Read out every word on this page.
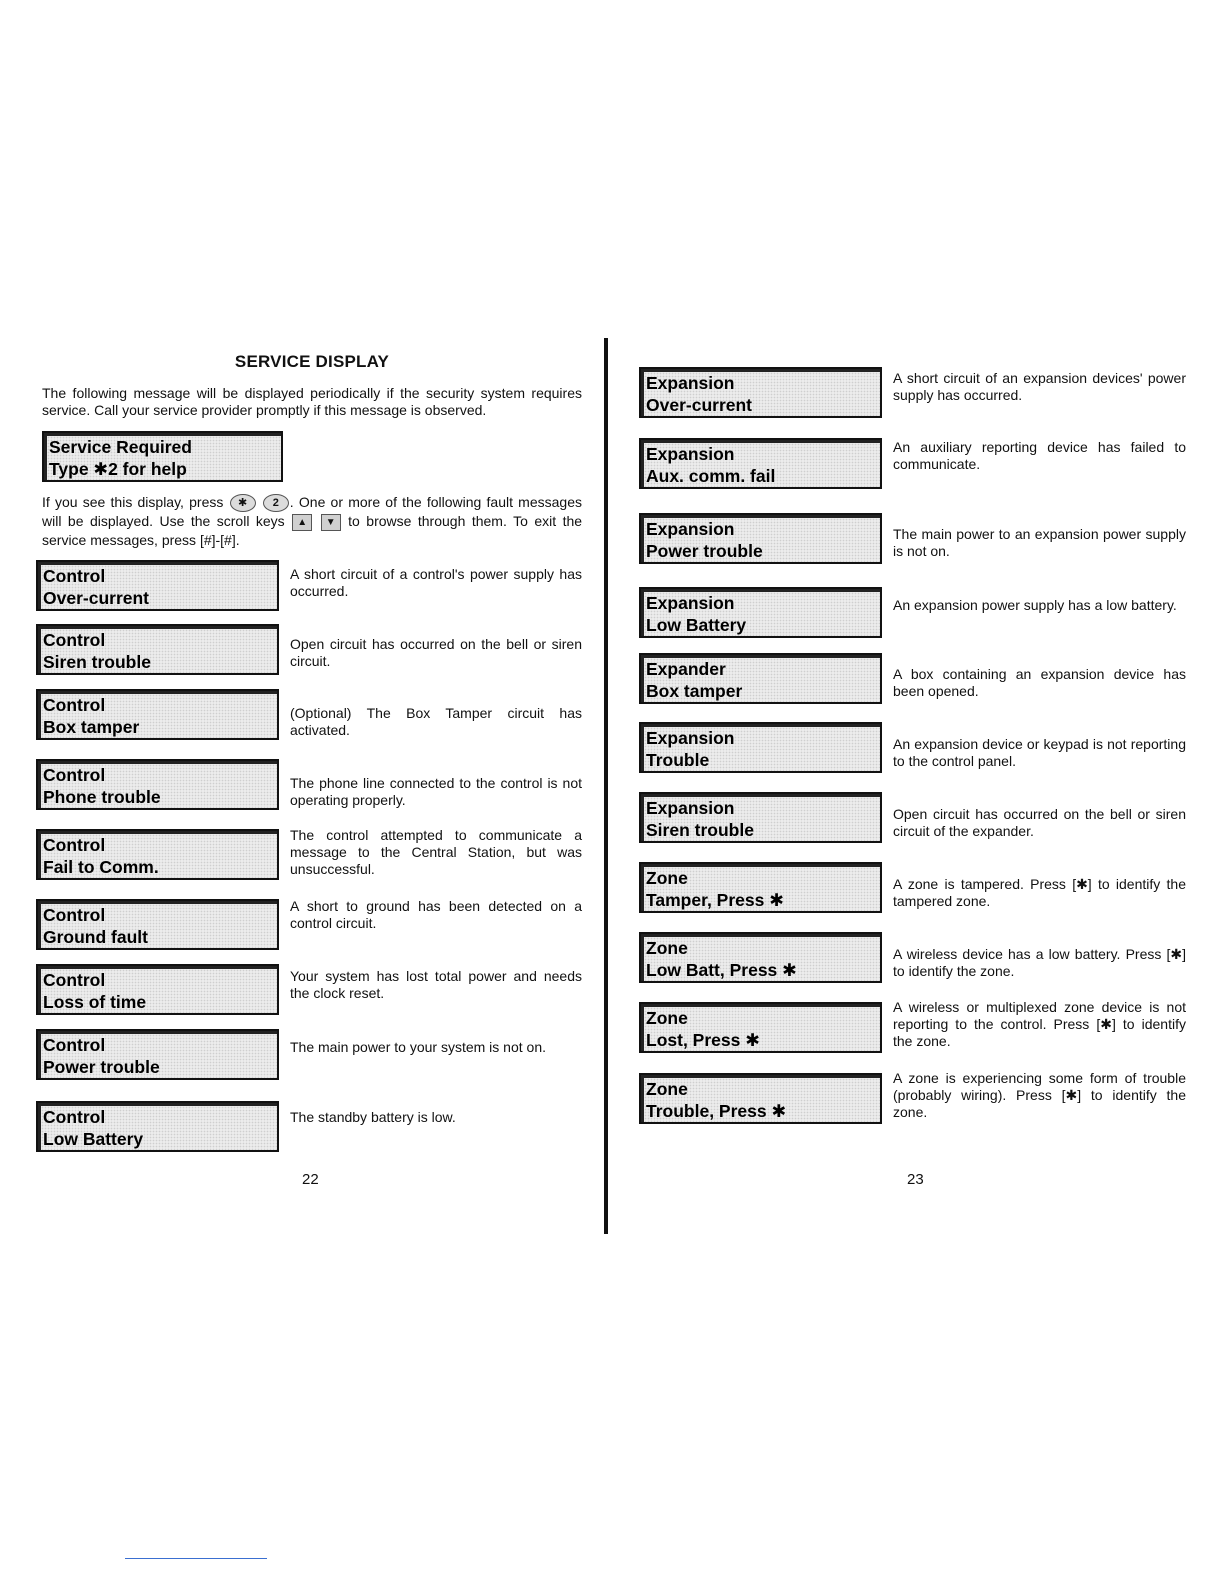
SERVICE DISPLAY
The following message will be displayed periodically if the security system requires service. Call your service provider promptly if this message is observed.
Service Required
Type ✱2 for help
If you see this display, press ✱ 2 . One or more of the following fault messages will be displayed. Use the scroll keys ▲ ▼ to browse through them. To exit the service messages, press [#]-[#].
Control
Over-current
A short circuit of a control's power supply has occurred.
Control
Siren trouble
Open circuit has occurred on the bell or siren circuit.
Control
Box tamper
(Optional) The Box Tamper circuit has activated.
Control
Phone trouble
The phone line connected to the control is not operating properly.
Control
Fail to Comm.
The control attempted to communicate a message to the Central Station, but was unsuccessful.
Control
Ground fault
A short to ground has been detected on a control circuit.
Control
Loss of time
Your system has lost total power and needs the clock reset.
Control
Power trouble
The main power to your system is not on.
Control
Low Battery
The standby battery is low.
22
Expansion
Over-current
A short circuit of an expansion devices' power supply has occurred.
Expansion
Aux. comm. fail
An auxiliary reporting device has failed to communicate.
Expansion
Power trouble
The main power to an expansion power supply is not on.
Expansion
Low Battery
An expansion power supply has a low battery.
Expander
Box tamper
A box containing an expansion device has been opened.
Expansion
Trouble
An expansion device or keypad is not reporting to the control panel.
Expansion
Siren trouble
Open circuit has occurred on the bell or siren circuit of the expander.
Zone
Tamper, Press ✱
A zone is tampered. Press [✱] to identify the tampered zone.
Zone
Low Batt, Press ✱
A wireless device has a low battery. Press [✱] to identify the zone.
Zone
Lost, Press ✱
A wireless or multiplexed zone device is not reporting to the control. Press [✱] to identify the zone.
Zone
Trouble, Press ✱
A zone is experiencing some form of trouble (probably wiring). Press [✱] to identify the zone.
23
